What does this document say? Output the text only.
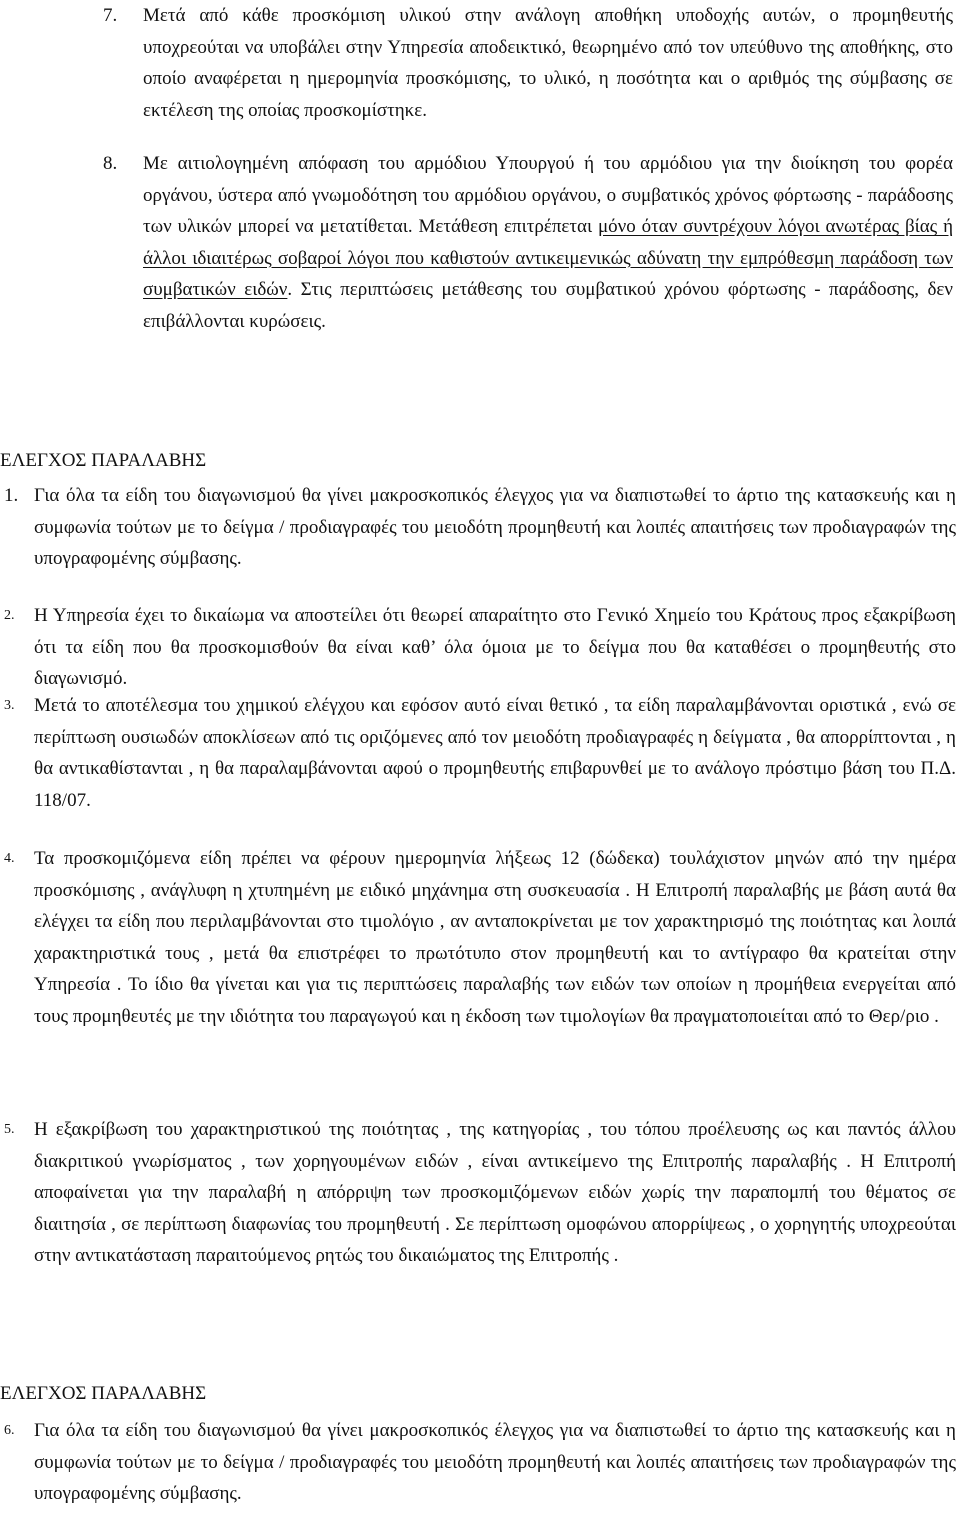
7. Μετά από κάθε προσκόμιση υλικού στην ανάλογη αποθήκη υποδοχής αυτών, ο προμηθευτής υποχρεούται να υποβάλει στην Υπηρεσία αποδεικτικό, θεωρημένο από τον υπεύθυνο της αποθήκης, στο οποίο αναφέρεται η ημερομηνία προσκόμισης, το υλικό, η ποσότητα και ο αριθμός της σύμβασης σε εκτέλεση της οποίας προσκομίστηκε.

8. Με αιτιολογημένη απόφαση του αρμόδιου Υπουργού ή του αρμόδιου για την διοίκηση του φορέα οργάνου, ύστερα από γνωμοδότηση του αρμόδιου οργάνου, ο συμβατικός χρόνος φόρτωσης - παράδοσης των υλικών μπορεί να μετατίθεται. Μετάθεση επιτρέπεται μόνο όταν συντρέχουν λόγοι ανωτέρας βίας ή άλλοι ιδιαιτέρως σοβαροί λόγοι που καθιστούν αντικειμενικώς αδύνατη την εμπρόθεσμη παράδοση των συμβατικών ειδών. Στις περιπτώσεις μετάθεσης του συμβατικού χρόνου φόρτωσης - παράδοσης, δεν επιβάλλονται κυρώσεις.

ΕΛΕΓΧΟΣ ΠΑΡΑΛΑΒΗΣ
1. Για όλα τα είδη του διαγωνισμού θα γίνει μακροσκοπικός έλεγχος για να διαπιστωθεί το άρτιο της κατασκευής και η συμφωνία τούτων με το δείγμα / προδιαγραφές του μειοδότη προμηθευτή και λοιπές απαιτήσεις των προδιαγραφών της υπογραφομένης σύμβασης.

2. Η Υπηρεσία έχει το δικαίωμα να αποστείλει ότι θεωρεί απαραίτητο στο Γενικό Χημείο του Κράτους προς εξακρίβωση ότι τα είδη που θα προσκομισθούν θα είναι καθ’ όλα όμοια με το δείγμα που θα καταθέσει ο προμηθευτής στο διαγωνισμό.

3. Μετά το αποτέλεσμα του χημικού ελέγχου και εφόσον αυτό είναι θετικό , τα είδη παραλαμβάνονται οριστικά , ενώ σε περίπτωση ουσιωδών αποκλίσεων από τις οριζόμενες από τον μειοδότη προδιαγραφές η δείγματα , θα απορρίπτονται , η θα αντικαθίστανται , η θα παραλαμβάνονται αφού ο προμηθευτής επιβαρυνθεί με το ανάλογο πρόστιμο βάση του Π.Δ. 118/07.

4. Τα προσκομιζόμενα είδη πρέπει να φέρουν ημερομηνία λήξεως 12 (δώδεκα) τουλάχιστον μηνών από την ημέρα προσκόμισης , ανάγλυφη η χτυπημένη με ειδικό μηχάνημα στη συσκευασία . Η Επιτροπή παραλαβής με βάση αυτά θα ελέγχει τα είδη που περιλαμβάνονται στο τιμολόγιο , αν ανταποκρίνεται με τον χαρακτηρισμό της ποιότητας και λοιπά χαρακτηριστικά τους , μετά θα επιστρέφει το πρωτότυπο στον προμηθευτή και το αντίγραφο θα κρατείται στην Υπηρεσία . Το ίδιο θα γίνεται και για τις περιπτώσεις παραλαβής των ειδών των οποίων η προμήθεια ενεργείται από τους προμηθευτές με την ιδιότητα του παραγωγού και η έκδοση των τιμολογίων θα πραγματοποιείται από το Θερ/ριο .

5. Η εξακρίβωση του χαρακτηριστικού της ποιότητας , της κατηγορίας , του τόπου προέλευσης ως και παντός άλλου διακριτικού γνωρίσματος , των χορηγουμένων ειδών , είναι αντικείμενο της Επιτροπής παραλαβής . Η Επιτροπή αποφαίνεται για την παραλαβή η απόρριψη των προσκομιζόμενων ειδών χωρίς την παραπομπή του θέματος σε διαιτησία , σε περίπτωση διαφωνίας του προμηθευτή . Σε περίπτωση ομοφώνου απορρίψεως , ο χορηγητής υποχρεούται στην αντικατάσταση παραιτούμενος ρητώς του δικαιώματος της Επιτροπής .

ΕΛΕΓΧΟΣ ΠΑΡΑΛΑΒΗΣ
6. Για όλα τα είδη του διαγωνισμού θα γίνει μακροσκοπικός έλεγχος για να διαπιστωθεί το άρτιο της κατασκευής και η συμφωνία τούτων με το δείγμα / προδιαγραφές του μειοδότη προμηθευτή και λοιπές απαιτήσεις των προδιαγραφών της υπογραφομένης σύμβασης.
